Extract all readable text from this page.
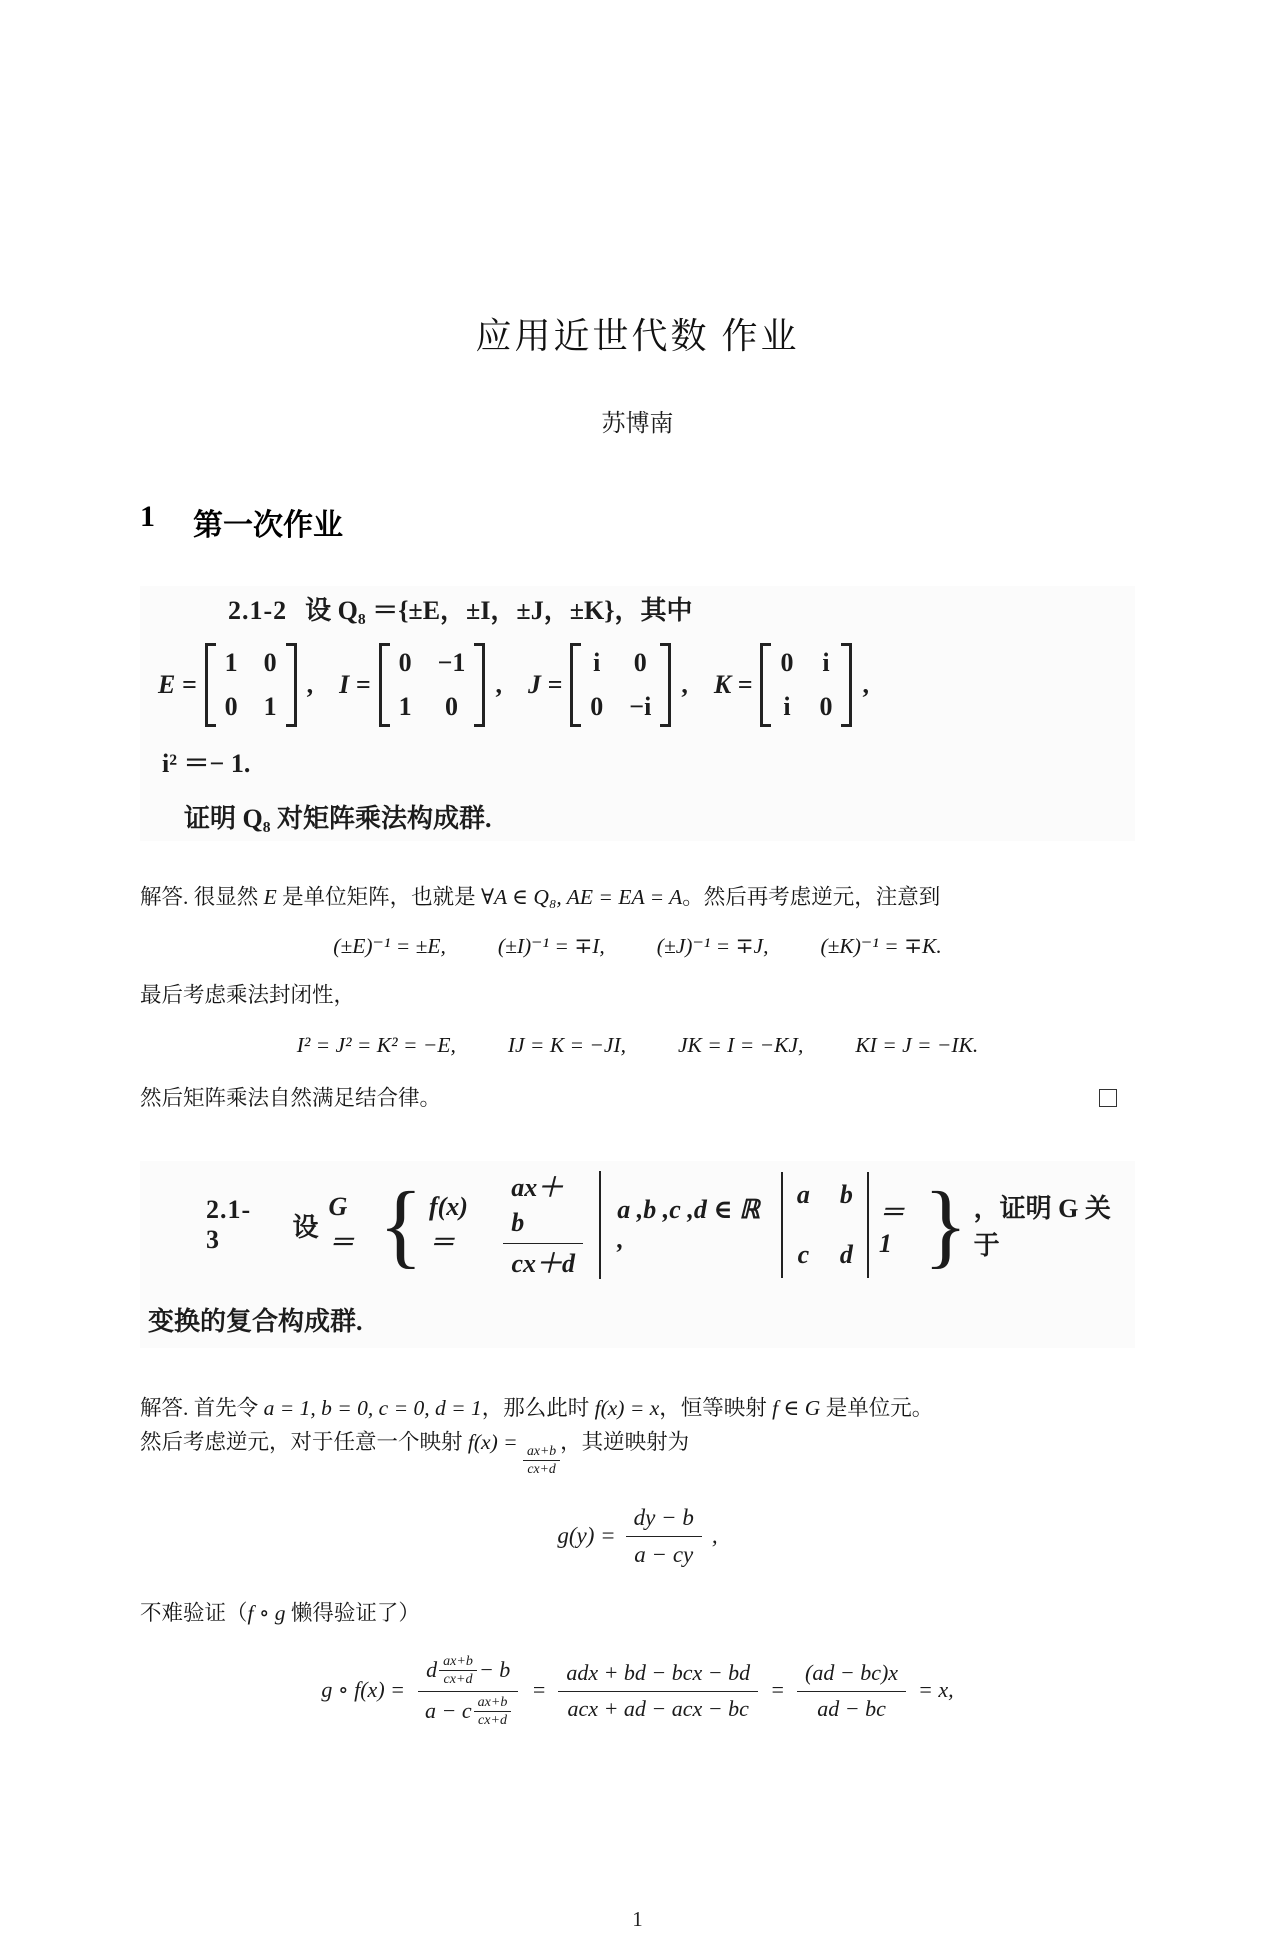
应用近世代数 作业
苏博南
1 第一次作业
2.1-2 设 Q₈ ＝{±E，±I，±J，±K}，其中
E =
1 0
0 1
, I =
0 −1
1 0
, J =
i 0
0 −i
, K =
0 i
i 0
,
i² ＝− 1.
证明 Q₈ 对矩阵乘法构成群.
解答. 很显然 E 是单位矩阵，也就是 ∀A ∈ Q₈, AE = EA = A。然后再考虑逆元，注意到
(±E)⁻¹ = ±E, (±I)⁻¹ = ∓I, (±J)⁻¹ = ∓J, (±K)⁻¹ = ∓K.
最后考虑乘法封闭性，
I² = J² = K² = −E, IJ = K = −JI, JK = I = −KJ, KI = J = −IK.
然后矩阵乘法自然满足结合律。
2.1-3	设
G＝ { f(x)＝	$\frac{ax+b}{cx+d}$ a ,b ,c ,d ∈ ℝ ,
a b
c d
＝1 } ，证明 G 关于
变换的复合构成群.
解答. 首先令 a = 1, b = 0, c = 0, d = 1，那么此时 f(x) = x，恒等映射 f ∈ G 是单位元。
然后考虑逆元，对于任意一个映射 f(x) =
$\frac{ax+b}{cx+d}$
，其逆映射为
$g(y) = \frac{dy - b}{a - cy}$ ,
不难验证（f ∘ g 懒得验证了）
g ∘ f(x) =
d $\frac{ax+b}{cx+d} - b$
a − c $\frac{ax+b}{cx+d}$
=
adx + bd − bcx − bd
acx + ad − acx − bc
= $\frac{(ad - bc)x}{ad - bc} = x$,
1
